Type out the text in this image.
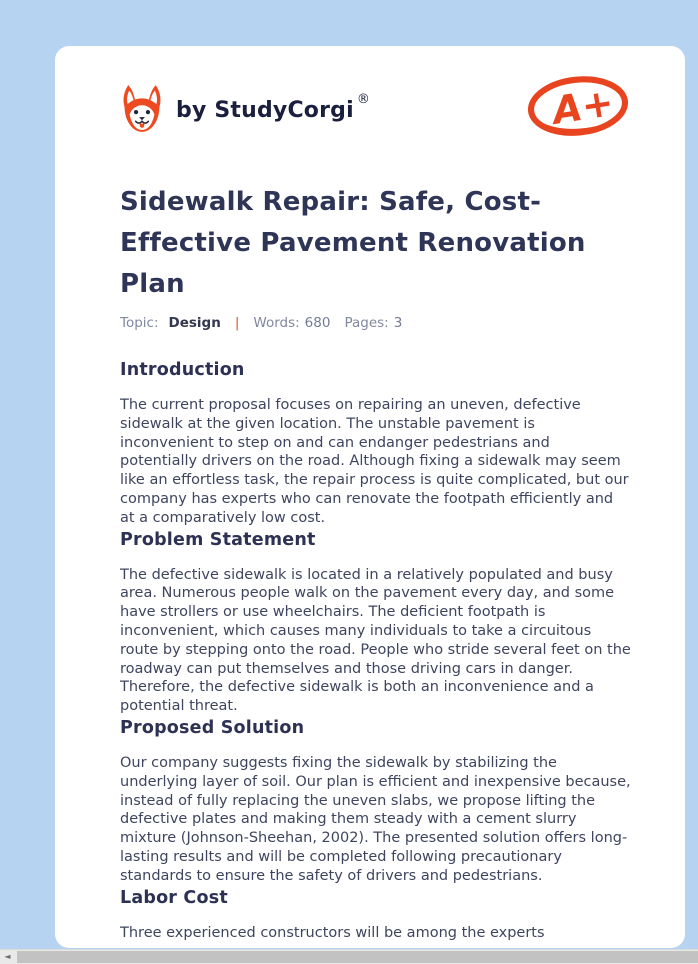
by StudyCorgi ®	A+
Sidewalk Repair: Safe, Cost-Effective Pavement Renovation Plan
Topic: Design | Words: 680 Pages: 3
Introduction

The current proposal focuses on repairing an uneven, defective sidewalk at the given location. The unstable pavement is inconvenient to step on and can endanger pedestrians and potentially drivers on the road. Although fixing a sidewalk may seem like an effortless task, the repair process is quite complicated, but our company has experts who can renovate the footpath efficiently and at a comparatively low cost.

Problem Statement

The defective sidewalk is located in a relatively populated and busy area. Numerous people walk on the pavement every day, and some have strollers or use wheelchairs. The deficient footpath is inconvenient, which causes many individuals to take a circuitous route by stepping onto the road. People who stride several feet on the roadway can put themselves and those driving cars in danger. Therefore, the defective sidewalk is both an inconvenience and a potential threat.

Proposed Solution

Our company suggests fixing the sidewalk by stabilizing the underlying layer of soil. Our plan is efficient and inexpensive because, instead of fully replacing the uneven slabs, we propose lifting the defective plates and making them steady with a cement slurry mixture (Johnson-Sheehan, 2002). The presented solution offers long-lasting results and will be completed following precautionary standards to ensure the safety of drivers and pedestrians.

Labor Cost

Three experienced constructors will be among the experts

◄
